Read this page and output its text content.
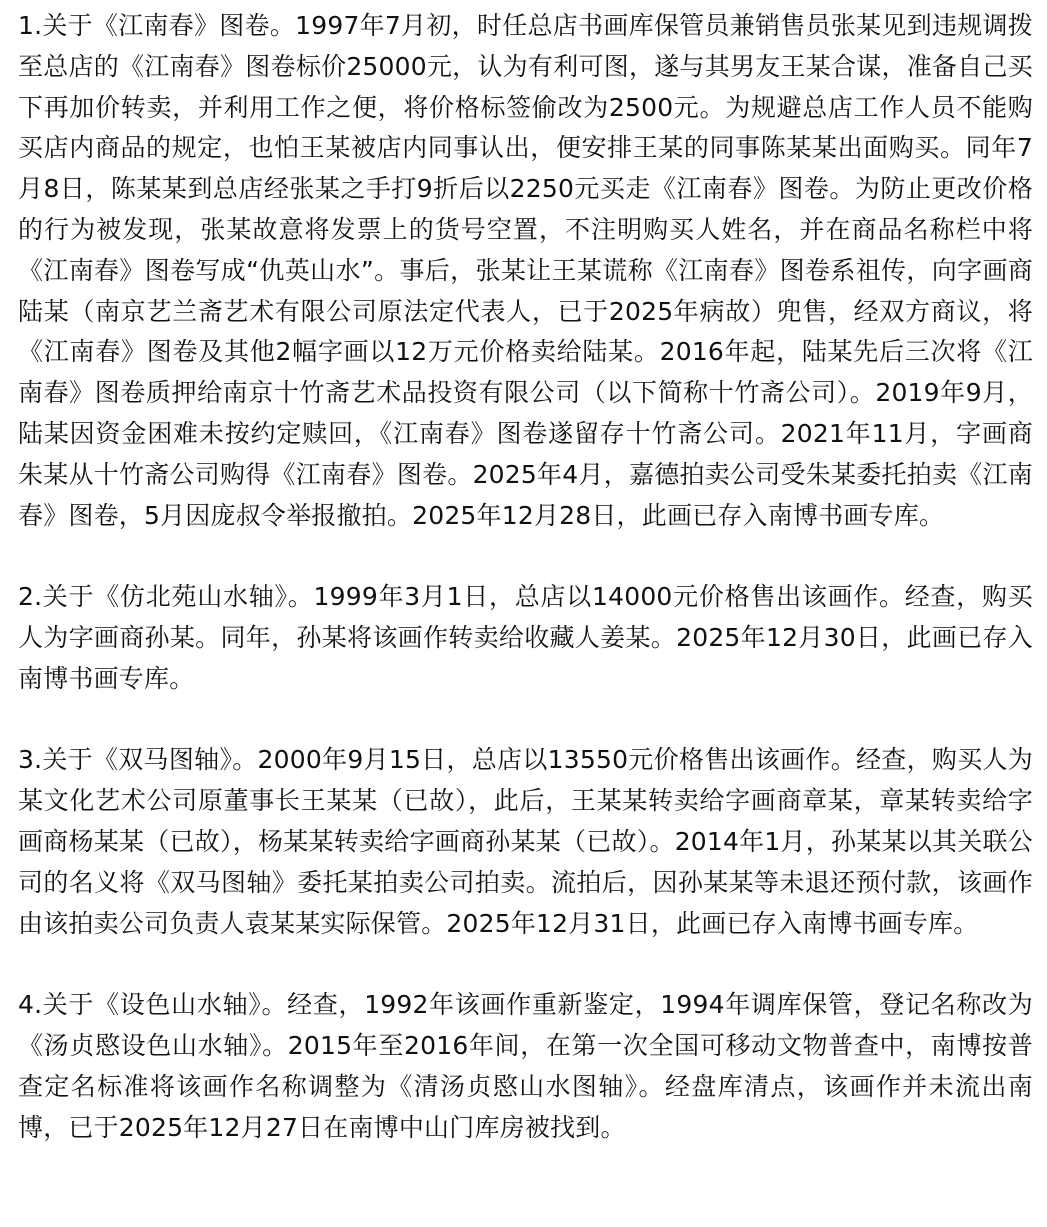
1.关于《江南春》图卷。1997年7月初，时任总店书画库保管员兼销售员张某见到违规调拨至总店的《江南春》图卷标价25000元，认为有利可图，遂与其男友王某合谋，准备自己买下再加价转卖，并利用工作之便，将价格标签偷改为2500元。为规避总店工作人员不能购买店内商品的规定，也怕王某被店内同事认出，便安排王某的同事陈某某出面购买。同年7月8日，陈某某到总店经张某之手打9折后以2250元买走《江南春》图卷。为防止更改价格的行为被发现，张某故意将发票上的货号空置，不注明购买人姓名，并在商品名称栏中将《江南春》图卷写成“仇英山水”。事后，张某让王某谎称《江南春》图卷系祖传，向字画商陆某（南京艺兰斋艺术有限公司原法定代表人，已于2025年病故）兜售，经双方商议，将《江南春》图卷及其他2幅字画以12万元价格卖给陆某。2016年起，陆某先后三次将《江南春》图卷质押给南京十竹斋艺术品投资有限公司（以下简称十竹斋公司）。2019年9月，陆某因资金困难未按约定赎回，《江南春》图卷遂留存十竹斋公司。2021年11月，字画商朱某从十竹斋公司购得《江南春》图卷。2025年4月，嘉德拍卖公司受朱某委托拍卖《江南春》图卷，5月因庞叔令举报撤拍。2025年12月28日，此画已存入南博书画专库。

2.关于《仿北苑山水轴》。1999年3月1日，总店以14000元价格售出该画作。经查，购买人为字画商孙某。同年，孙某将该画作转卖给收藏人姜某。2025年12月30日，此画已存入南博书画专库。

3.关于《双马图轴》。2000年9月15日，总店以13550元价格售出该画作。经查，购买人为某文化艺术公司原董事长王某某（已故），此后，王某某转卖给字画商章某，章某转卖给字画商杨某某（已故），杨某某转卖给字画商孙某某（已故）。2014年1月，孙某某以其关联公司的名义将《双马图轴》委托某拍卖公司拍卖。流拍后，因孙某某等未退还预付款，该画作由该拍卖公司负责人袁某某实际保管。2025年12月31日，此画已存入南博书画专库。

4.关于《设色山水轴》。经查，1992年该画作重新鉴定，1994年调库保管，登记名称改为《汤贞愍设色山水轴》。2015年至2016年间，在第一次全国可移动文物普查中，南博按普查定名标准将该画作名称调整为《清汤贞愍山水图轴》。经盘库清点，该画作并未流出南博，已于2025年12月27日在南博中山门库房被找到。
